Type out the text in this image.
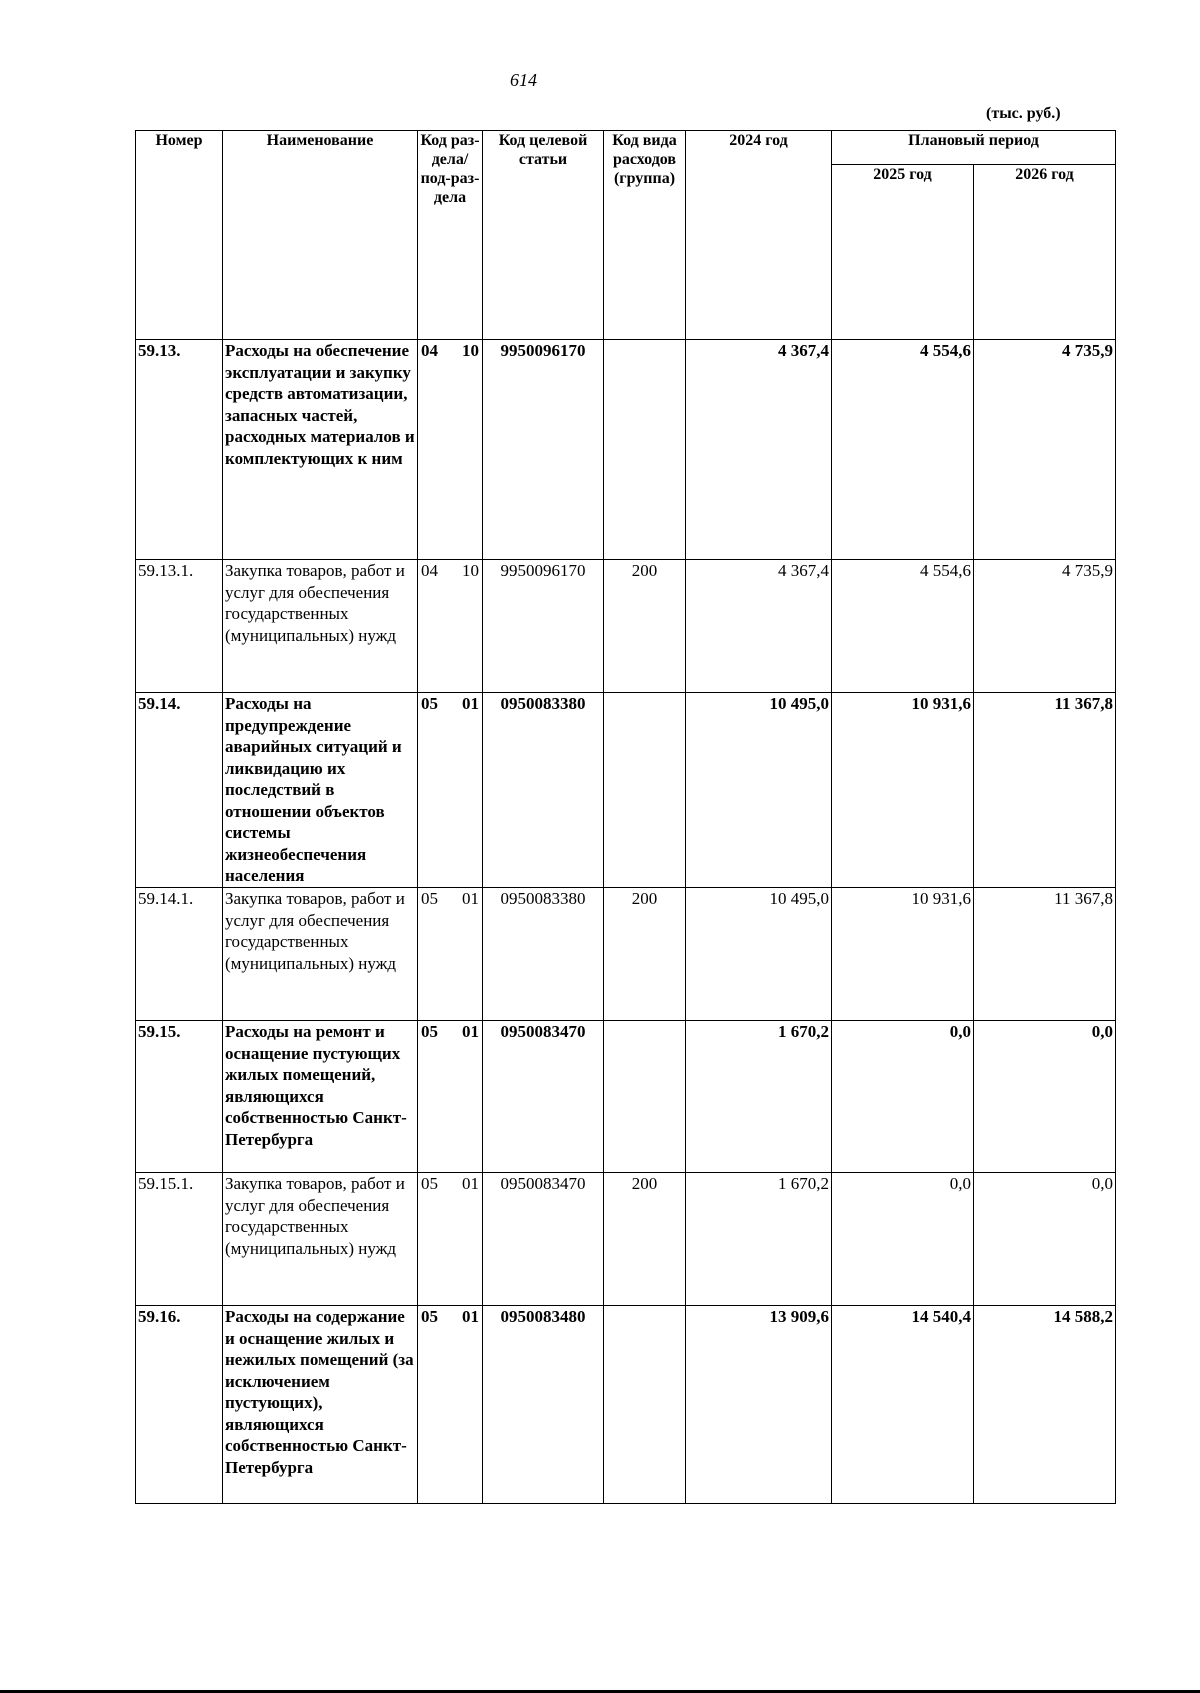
614
(тыс. руб.)
Номер	Наименование	Код раз-дела/ под-раз-дела	Код целевой статьи	Код вида расходов (группа)	2024 год	Плановый период	
						2025 год	2026 год
59.13.	Расходы на обеспечение эксплуатации и закупку средств автоматизации, запасных частей, расходных материалов и комплектующих к ним	04 10	9950096170		4 367,4	4 554,6	4 735,9
59.13.1.	Закупка товаров, работ и услуг для обеспечения государственных (муниципальных) нужд	04 10	9950096170	200	4 367,4	4 554,6	4 735,9
59.14.	Расходы на предупреждение аварийных ситуаций и ликвидацию их последствий в отношении объектов системы жизнеобеспечения населения	05 01	0950083380		10 495,0	10 931,6	11 367,8
59.14.1.	Закупка товаров, работ и услуг для обеспечения государственных (муниципальных) нужд	05 01	0950083380	200	10 495,0	10 931,6	11 367,8
59.15.	Расходы на ремонт и оснащение пустующих жилых помещений, являющихся собственностью Санкт-Петербурга	05 01	0950083470		1 670,2	0,0	0,0
59.15.1.	Закупка товаров, работ и услуг для обеспечения государственных (муниципальных) нужд	05 01	0950083470	200	1 670,2	0,0	0,0
59.16.	Расходы на содержание и оснащение жилых и нежилых помещений (за исключением пустующих), являющихся собственностью Санкт-Петербурга	05 01	0950083480		13 909,6	14 540,4	14 588,2
